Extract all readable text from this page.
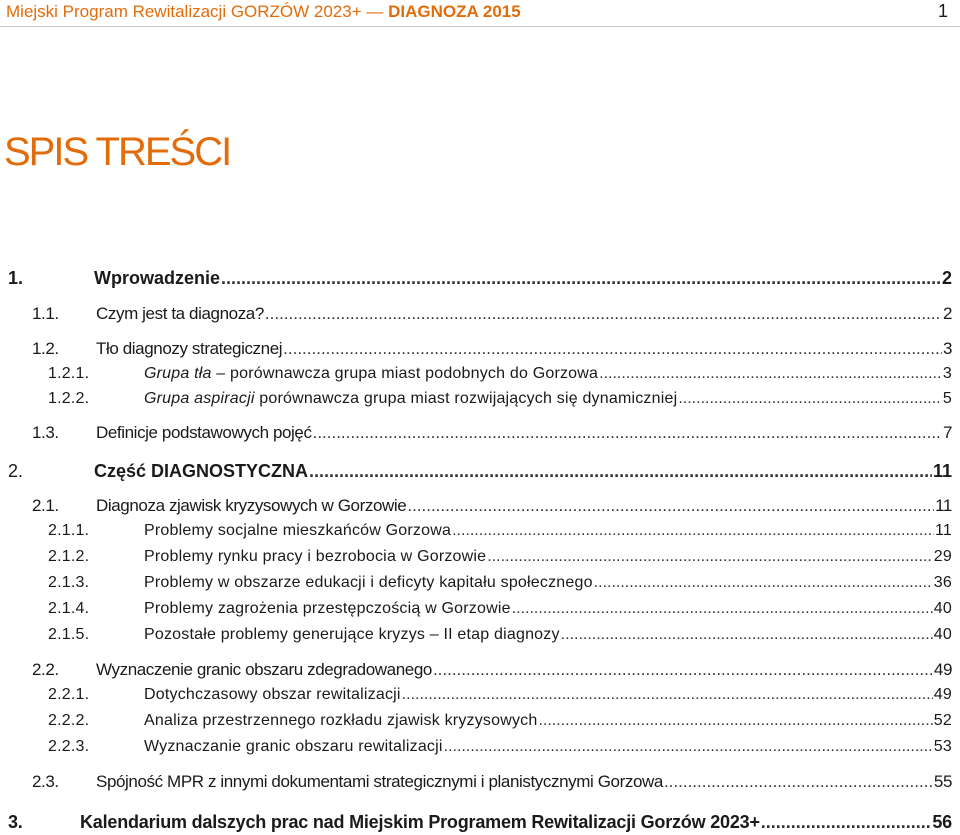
Miejski Program Rewitalizacji GORZÓW 2023+ — DIAGNOZA 2015	1
SPIS TREŚCI
1.	Wprowadzenie .....	2
1.1. Czym jest ta diagnoza? .....	2
1.2. Tło diagnozy strategicznej .....	3
1.2.1.	Grupa tła – porównawcza grupa miast podobnych do Gorzowa .....	3
1.2.2.	Grupa aspiracji porównawcza grupa miast rozwijających się dynamiczniej .....	5
1.3. Definicje podstawowych pojęć .....	7
2.	Część DIAGNOSTYCZNA .....	11
2.1. Diagnoza zjawisk kryzysowych w Gorzowie .....	11
2.1.1.	Problemy socjalne mieszkańców Gorzowa .....	11
2.1.2.	Problemy rynku pracy i bezrobocia w Gorzowie .....	29
2.1.3.	Problemy w obszarze edukacji i deficyty kapitału społecznego .....	36
2.1.4.	Problemy zagrożenia przestępczością w Gorzowie .....	40
2.1.5.	Pozostałe problemy generujące kryzys – II etap diagnozy .....	40
2.2. Wyznaczenie granic obszaru zdegradowanego .....	49
2.2.1.	Dotychczasowy obszar rewitalizacji .....	49
2.2.2.	Analiza przestrzennego rozkładu zjawisk kryzysowych .....	52
2.2.3.	Wyznaczanie granic obszaru rewitalizacji .....	53
2.3. Spójność MPR z innymi dokumentami strategicznymi i planistycznymi Gorzowa .....	55
3.	Kalendarium dalszych prac nad Miejskim Programem Rewitalizacji Gorzów 2023+ .....	56
